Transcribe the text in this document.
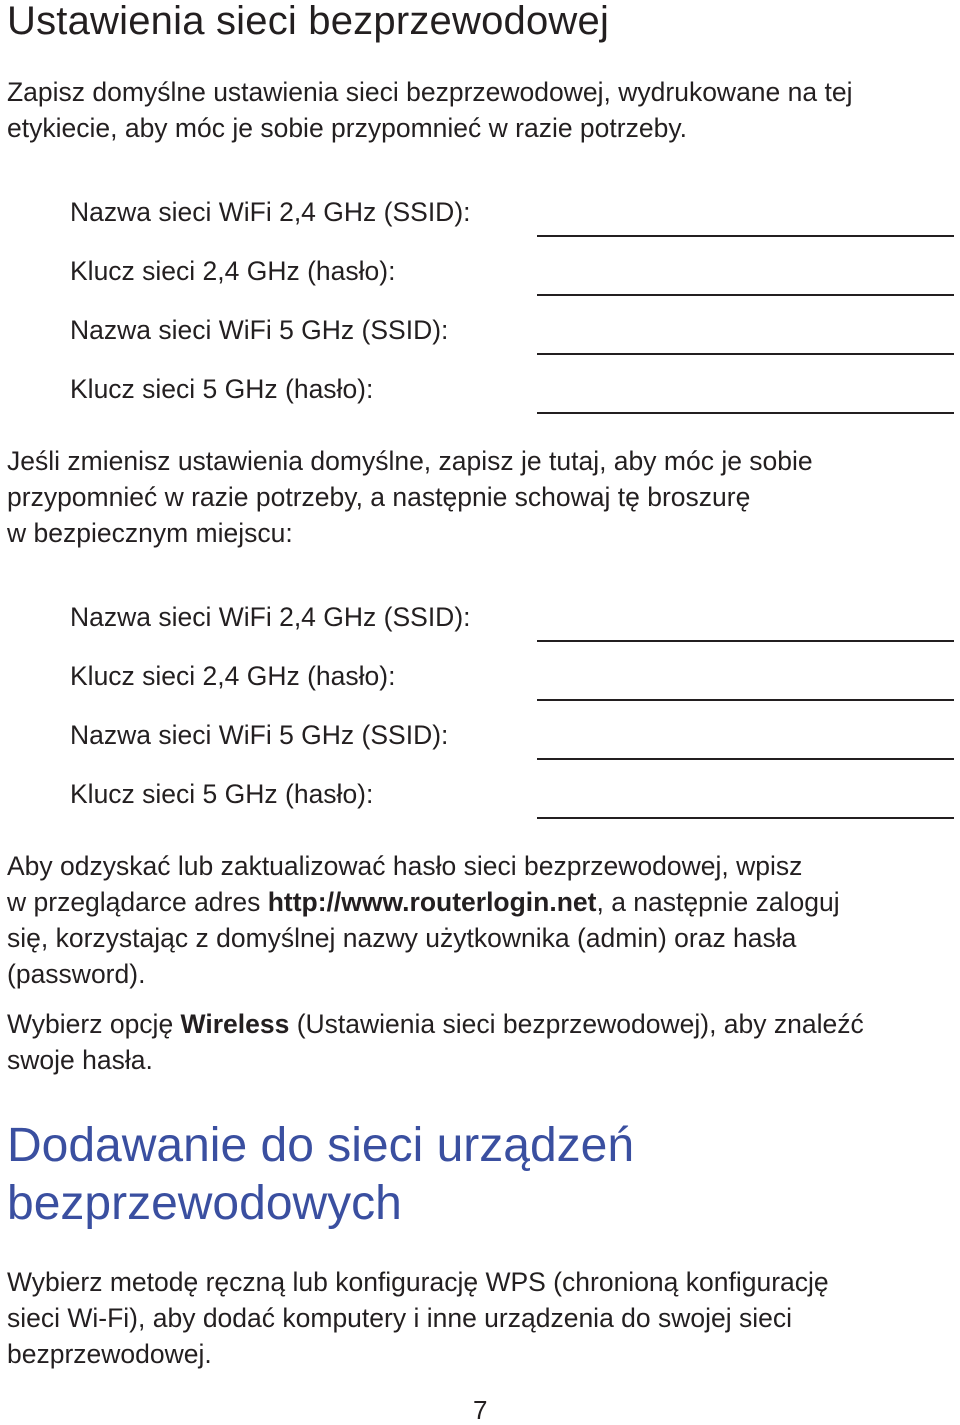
Ustawienia sieci bezprzewodowej
Zapisz domyślne ustawienia sieci bezprzewodowej, wydrukowane na tej
etykiecie, aby móc je sobie przypomnieć w razie potrzeby.
Nazwa sieci WiFi 2,4 GHz (SSID):
Klucz sieci 2,4 GHz (hasło):
Nazwa sieci WiFi 5 GHz (SSID):
Klucz sieci 5 GHz (hasło):
Jeśli zmienisz ustawienia domyślne, zapisz je tutaj, aby móc je sobie
przypomnieć w razie potrzeby, a następnie schowaj tę broszurę
w bezpiecznym miejscu:
Nazwa sieci WiFi 2,4 GHz (SSID):
Klucz sieci 2,4 GHz (hasło):
Nazwa sieci WiFi 5 GHz (SSID):
Klucz sieci 5 GHz (hasło):
Aby odzyskać lub zaktualizować hasło sieci bezprzewodowej, wpisz
w przeglądarce adres http://www.routerlogin.net, a następnie zaloguj
się, korzystając z domyślnej nazwy użytkownika (admin) oraz hasła
(password).
Wybierz opcję Wireless (Ustawienia sieci bezprzewodowej), aby znaleźć
swoje hasła.
Dodawanie do sieci urządzeń
bezprzewodowych
Wybierz metodę ręczną lub konfigurację WPS (chronioną konfigurację
sieci Wi-Fi), aby dodać komputery i inne urządzenia do swojej sieci
bezprzewodowej.
7
